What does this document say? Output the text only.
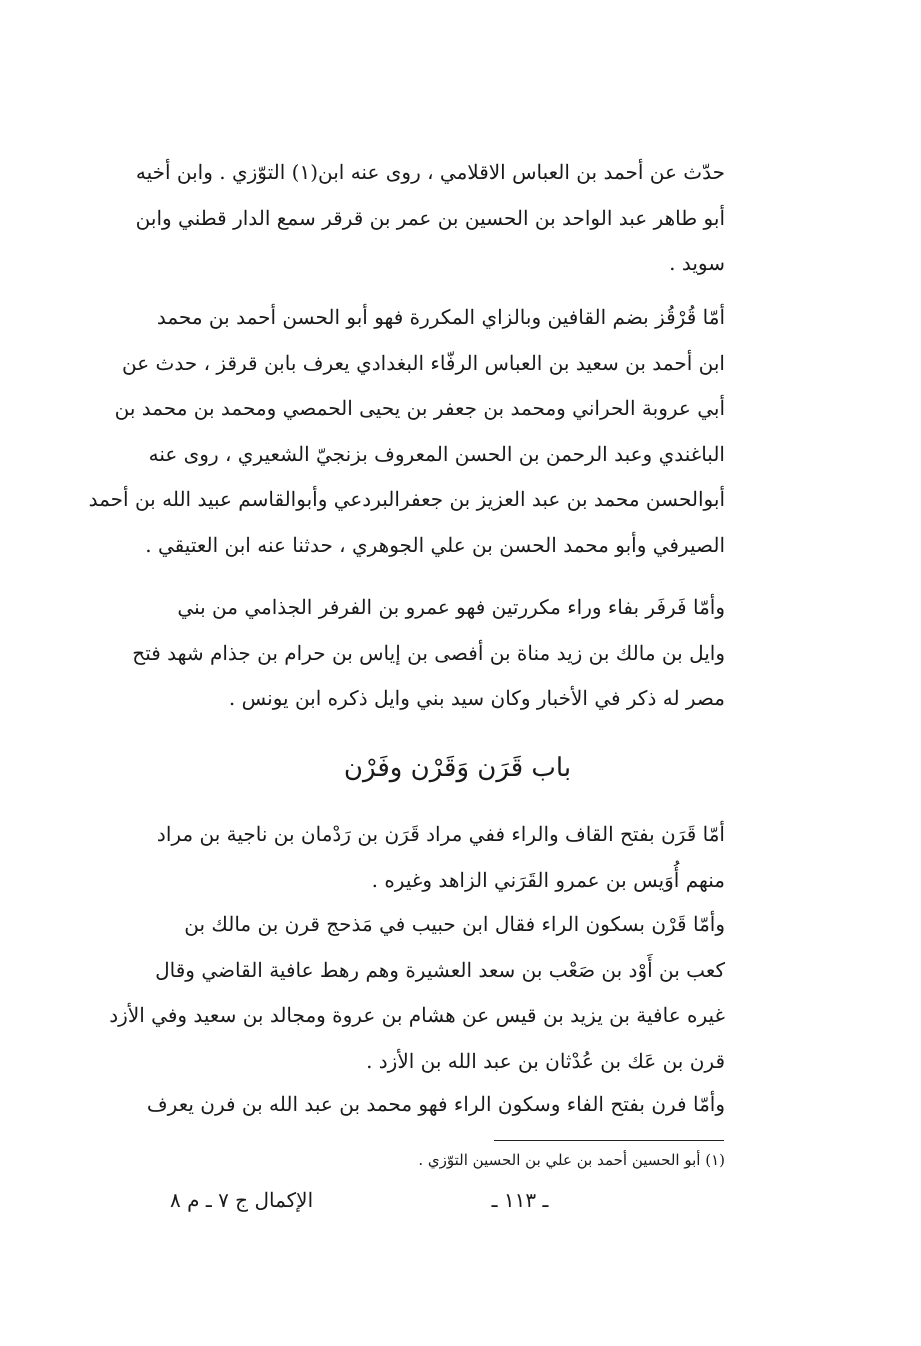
حدّث عن أحمد بن العباس الاقلامي ، روى عنه ابن(١) التوّزي . وابن أخيه
أبو طاهر عبد الواحد بن الحسين بن عمر بن قرقر سمع الدار قطني وابن
سويد .
أمّا قُرْقُز بضم القافين وبالزاي المكررة فهو أبو الحسن أحمد بن محمد
ابن أحمد بن سعيد بن العباس الرفّاء البغدادي يعرف بابن قرقز ، حدث عن
أبي عروبة الحراني ومحمد بن جعفر بن يحيى الحمصي ومحمد بن محمد بن
الباغندي وعبد الرحمن بن الحسن المعروف بزنجيّ الشعيري ، روى عنه
أبوالحسن محمد بن عبد العزيز بن جعفرالبردعي وأبوالقاسم عبيد الله بن أحمد
الصيرفي وأبو محمد الحسن بن علي الجوهري ، حدثنا عنه ابن العتيقي .
وأمّا فَرفَر بفاء وراء مكررتين فهو عمرو بن الفرفر الجذامي من بني
وايل بن مالك بن زيد مناة بن أفصى بن إياس بن حرام بن جذام شهد فتح
مصر له ذكر في الأخبار وكان سيد بني وايل ذكره ابن يونس .
باب قَرَن وَقَرْن وفَرْن
أمّا قَرَن بفتح القاف والراء ففي مراد قَرَن بن رَدْمان بن ناجية بن مراد
منهم أُوَيس بن عمرو القَرَني الزاهد وغيره .
وأمّا قَرْن بسكون الراء فقال ابن حبيب في مَذحج قرن بن مالك بن
كعب بن أَوْد بن صَعْب بن سعد العشيرة وهم رهط عافية القاضي وقال
غيره عافية بن يزيد بن قيس عن هشام بن عروة ومجالد بن سعيد وفي الأزد
قرن بن عَك بن عُدْثان بن عبد الله بن الأزد .
وأمّا فرن بفتح الفاء وسكون الراء فهو محمد بن عبد الله بن فرن يعرف
(١) أبو الحسين أحمد بن علي بن الحسين التوّزي .
ـ ١١٣ ـ
الإكمال ج ٧ ـ م ٨
